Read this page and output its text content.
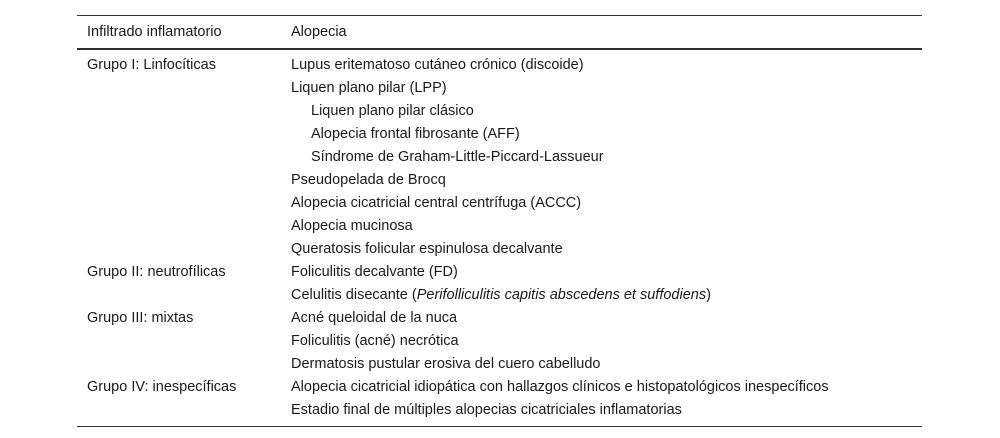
Infiltrado inflamatorio	Alopecia
Grupo I: Linfocíticas	Lupus eritematoso cutáneo crónico (discoide)
Liquen plano pilar (LPP)
Liquen plano pilar clásico
Alopecia frontal fibrosante (AFF)
Síndrome de Graham-Little-Piccard-Lassueur
Pseudopelada de Brocq
Alopecia cicatricial central centrífuga (ACCC)
Alopecia mucinosa
Queratosis folicular espinulosa decalvante
Grupo II: neutrofílicas	Foliculitis decalvante (FD)
Celulitis disecante (Perifolliculitis capitis abscedens et suffodiens)
Grupo III: mixtas	Acné queloidal de la nuca
Foliculitis (acné) necrótica
Dermatosis pustular erosiva del cuero cabelludo
Grupo IV: inespecíficas	Alopecia cicatricial idiopática con hallazgos clínicos e histopatológicos inespecíficos
Estadio final de múltiples alopecias cicatriciales inflamatorias
